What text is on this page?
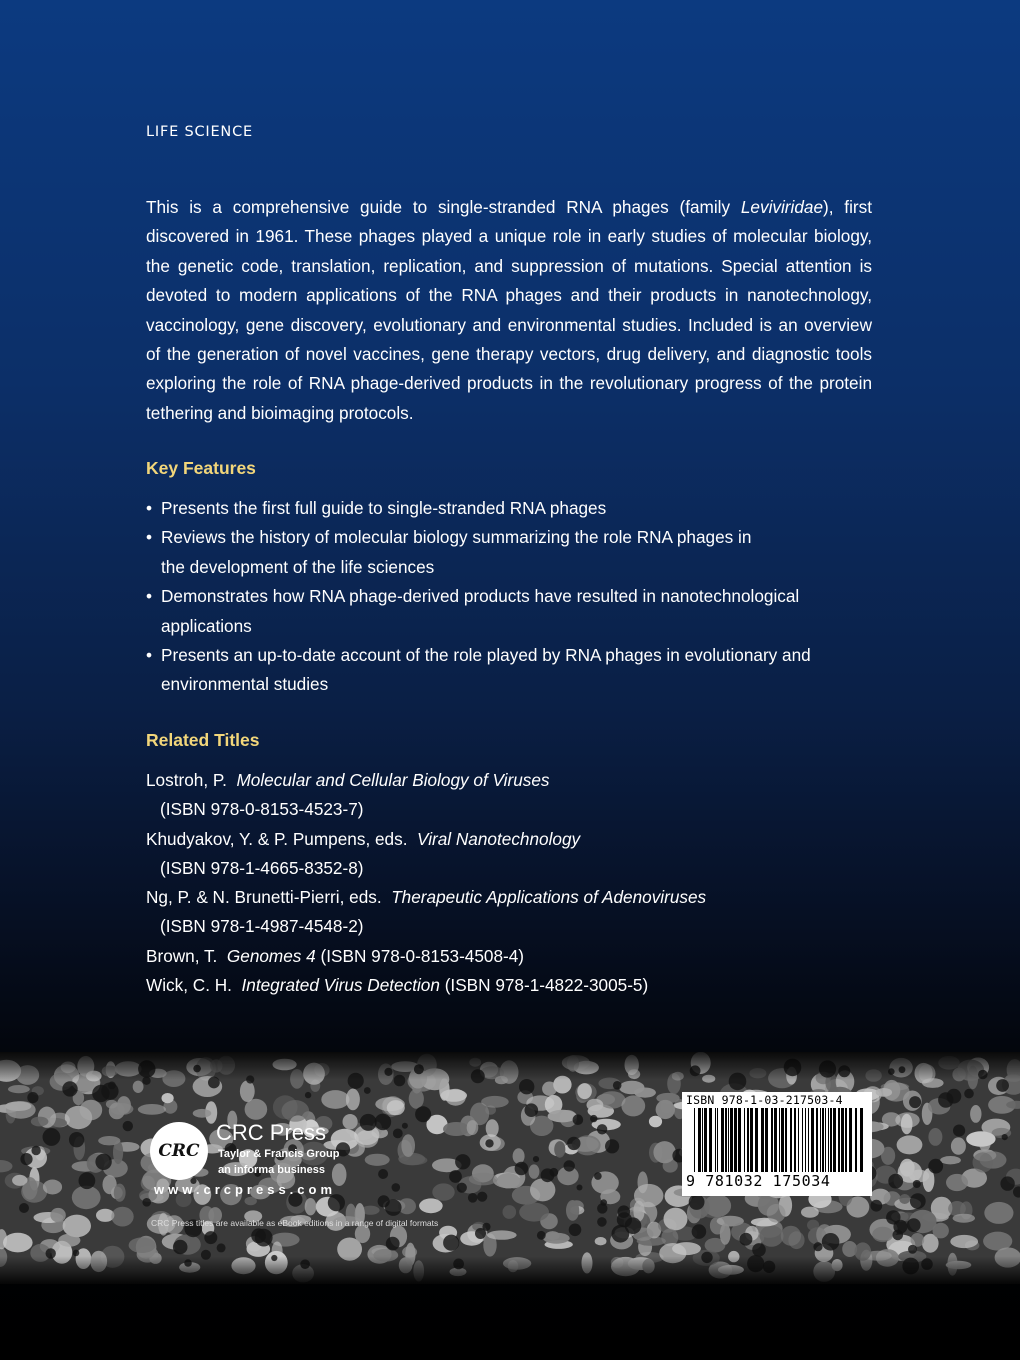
LIFE SCIENCE
This is a comprehensive guide to single-stranded RNA phages (family Leviviridae), first discovered in 1961. These phages played a unique role in early studies of molecular biology, the genetic code, translation, replication, and suppression of mutations. Special attention is devoted to modern applications of the RNA phages and their products in nanotechnology, vaccinology, gene discovery, evolutionary and environmental studies. Included is an overview of the generation of novel vaccines, gene therapy vectors, drug delivery, and diagnostic tools exploring the role of RNA phage-derived products in the revolutionary progress of the protein tethering and bioimaging protocols.
Key Features
• Presents the first full guide to single-stranded RNA phages
• Reviews the history of molecular biology summarizing the role RNA phages in the development of the life sciences
• Demonstrates how RNA phage-derived products have resulted in nanotechnological applications
• Presents an up-to-date account of the role played by RNA phages in evolutionary and environmental studies
Related Titles
Lostroh, P. Molecular and Cellular Biology of Viruses
(ISBN 978-0-8153-4523-7)
Khudyakov, Y. & P. Pumpens, eds. Viral Nanotechnology
(ISBN 978-1-4665-8352-8)
Ng, P. & N. Brunetti-Pierri, eds. Therapeutic Applications of Adenoviruses
(ISBN 978-1-4987-4548-2)
Brown, T. Genomes 4 (ISBN 978-0-8153-4508-4)
Wick, C. H. Integrated Virus Detection (ISBN 978-1-4822-3005-5)
CRC
CRC Press
Taylor & Francis Group
an informa business
www.crcpress.com
CRC Press titles are available as eBook editions in a range of digital formats
ISBN 978-1-03-217503-4
9 781032 175034
